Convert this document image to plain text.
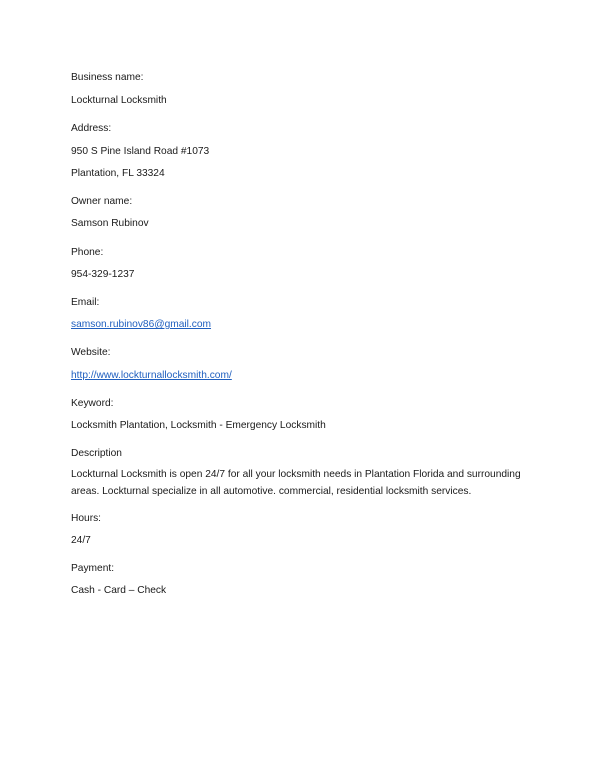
Business name:

Lockturnal Locksmith

Address:

950 S Pine Island Road #1073

Plantation, FL 33324

Owner name:

Samson Rubinov

Phone:

954-329-1237

Email:

samson.rubinov86@gmail.com

Website:

http://www.lockturnallocksmith.com/

Keyword:

Locksmith Plantation, Locksmith - Emergency Locksmith

Description

Lockturnal Locksmith is open 24/7 for all your locksmith needs in Plantation Florida and surrounding areas. Lockturnal specialize in all automotive. commercial, residential locksmith services.

Hours:

24/7

Payment:

Cash - Card – Check
